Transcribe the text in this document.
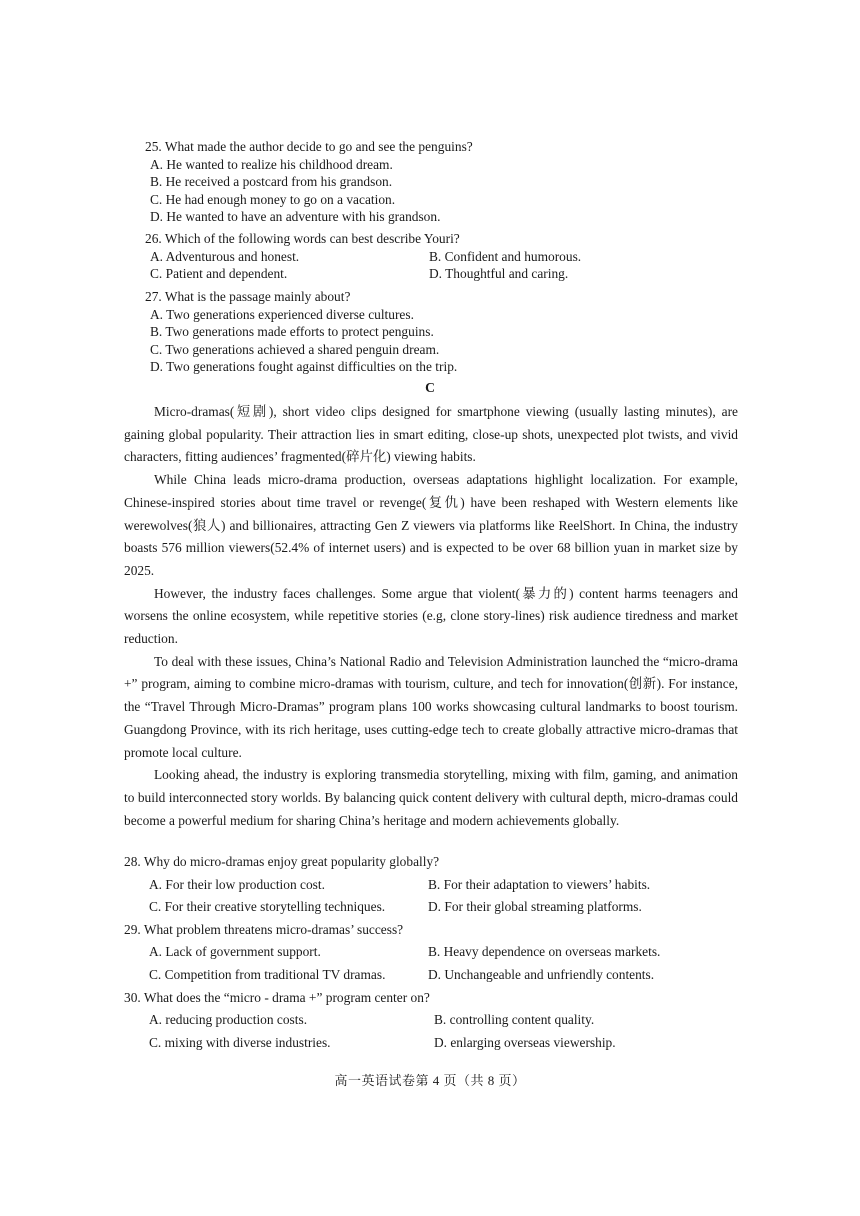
25. What made the author decide to go and see the penguins?
A. He wanted to realize his childhood dream.
B. He received a postcard from his grandson.
C. He had enough money to go on a vacation.
D. He wanted to have an adventure with his grandson.
26. Which of the following words can best describe Youri?
A. Adventurous and honest.	B. Confident and humorous.
C. Patient and dependent.	D. Thoughtful and caring.
27. What is the passage mainly about?
A. Two generations experienced diverse cultures.
B. Two generations made efforts to protect penguins.
C. Two generations achieved a shared penguin dream.
D. Two generations fought against difficulties on the trip.
C

Micro-dramas(短剧), short video clips designed for smartphone viewing (usually lasting minutes), are gaining global popularity. Their attraction lies in smart editing, close-up shots, unexpected plot twists, and vivid characters, fitting audiences’ fragmented(碎片化) viewing habits.

While China leads micro-drama production, overseas adaptations highlight localization. For example, Chinese-inspired stories about time travel or revenge(复仇) have been reshaped with Western elements like werewolves(狼人) and billionaires, attracting Gen Z viewers via platforms like ReelShort. In China, the industry boasts 576 million viewers(52.4% of internet users) and is expected to be over 68 billion yuan in market size by 2025.

However, the industry faces challenges. Some argue that violent(暴力的) content harms teenagers and worsens the online ecosystem, while repetitive stories (e.g, clone story-lines) risk audience tiredness and market reduction.

To deal with these issues, China’s National Radio and Television Administration launched the “micro-drama +” program, aiming to combine micro-dramas with tourism, culture, and tech for innovation(创新). For instance, the “Travel Through Micro-Dramas” program plans 100 works showcasing cultural landmarks to boost tourism. Guangdong Province, with its rich heritage, uses cutting-edge tech to create globally attractive micro-dramas that promote local culture.

Looking ahead, the industry is exploring transmedia storytelling, mixing with film, gaming, and animation to build interconnected story worlds. By balancing quick content delivery with cultural depth, micro-dramas could become a powerful medium for sharing China’s heritage and modern achievements globally.

28. Why do micro-dramas enjoy great popularity globally?
A. For their low production cost.	B. For their adaptation to viewers’ habits.
C. For their creative storytelling techniques.	D. For their global streaming platforms.
29. What problem threatens micro-dramas’ success?
A. Lack of government support.	B. Heavy dependence on overseas markets.
C. Competition from traditional TV dramas.	D. Unchangeable and unfriendly contents.
30. What does the “micro - drama +” program center on?
A. reducing production costs.	B. controlling content quality.
C. mixing with diverse industries.	D. enlarging overseas viewership.
高一英语试卷第 4 页（共 8 页）
